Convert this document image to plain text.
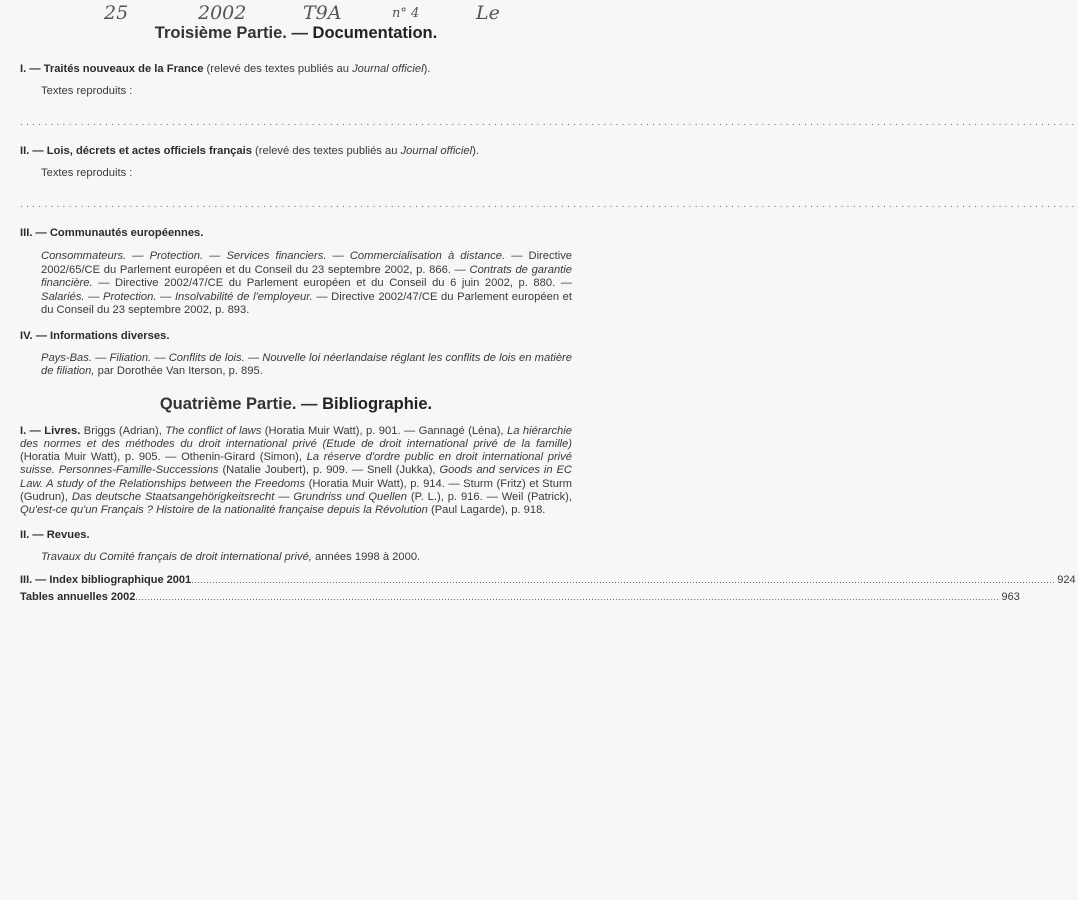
25	2002	T9A	n° 4	Le
Troisième Partie. — Documentation.
I. — Traités nouveaux de la France (relevé des textes publiés au Journal officiel).
Textes reproduits :
..............................................................................................................................................................................
II. — Lois, décrets et actes officiels français (relevé des textes publiés au Journal officiel).
Textes reproduits :
..............................................................................................................................................................................
III. — Communautés européennes.
Consommateurs. — Protection. — Services financiers. — Commercialisation à distance. — Directive 2002/65/CE du Parlement européen et du Conseil du 23 septembre 2002, p. 866. — Contrats de garantie financière. — Directive 2002/47/CE du Parlement européen et du Conseil du 6 juin 2002, p. 880. — Salariés. — Protection. — Insolvabilité de l'employeur. — Directive 2002/47/CE du Parlement européen et du Conseil du 23 septembre 2002, p. 893.
IV. — Informations diverses.
Pays-Bas. — Filiation. — Conflits de lois. — Nouvelle loi néerlandaise réglant les conflits de lois en matière de filiation, par Dorothée Van Iterson, p. 895.
Quatrième Partie. — Bibliographie.
I. — Livres. Briggs (Adrian), The conflict of laws (Horatia Muir Watt), p. 901. — Gannagé (Léna), La hiérarchie des normes et des méthodes du droit international privé (Etude de droit international privé de la famille) (Horatia Muir Watt), p. 905. — Othenin-Girard (Simon), La réserve d'ordre public en droit international privé suisse. Personnes-Famille-Successions (Natalie Joubert), p. 909. — Snell (Jukka), Goods and services in EC Law. A study of the Relationships between the Freedoms (Horatia Muir Watt), p. 914. — Sturm (Fritz) et Sturm (Gudrun), Das deutsche Staatsangehörigkeitsrecht — Grundriss und Quellen (P. L.), p. 916. — Weil (Patrick), Qu'est-ce qu'un Français ? Histoire de la nationalité française depuis la Révolution (Paul Lagarde), p. 918.
II. — Revues.
Travaux du Comité français de droit international privé, années 1998 à 2000.
III. — Index bibliographique 2001 .....	924
Tables annuelles 2002 .....	963
